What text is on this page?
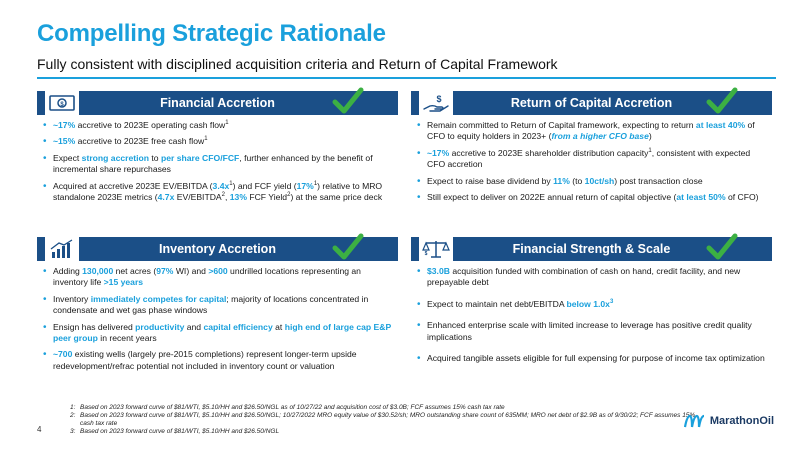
Compelling Strategic Rationale
Fully consistent with disciplined acquisition criteria and Return of Capital Framework
$	Financial Accretion
• ~17% accretive to 2023E operating cash flow$^1$
• ~15% accretive to 2023E free cash flow$^1$
• Expect strong accretion to per share CFO/FCF, further enhanced by the benefit of incremental share repurchases
• Acquired at accretive 2023E EV/EBITDA $(3.4x^1)$ and FCF yield (17%$^1$) relative to MRO standalone 2023E metrics (4.7x EV/EBITDA$^2$, 13% FCF Yield$^2$) at the same price deck
$	Return of Capital Accretion
• Remain committed to Return of Capital framework, expecting to return at least 40% of CFO to equity holders in 2023+ (from a higher CFO base)
• ~17% accretive to 2023E shareholder distribution capacity$^1$, consistent with expected CFO accretion
• Expect to raise base dividend by 11% (to 10ct/sh) post transaction close
• Still expect to deliver on 2022E annual return of capital objective (at least 50% of CFO)
Inventory Accretion
• Adding 130,000 net acres (97% WI) and >600 undrilled locations representing an inventory life >15 years
• Inventory immediately competes for capital; majority of locations concentrated in condensate and wet gas phase windows
• Ensign has delivered productivity and capital efficiency at high end of large cap E&P peer group in recent years
• ~700 existing wells (largely pre-2015 completions) represent longer-term upside redevelopment/refrac potential not included in inventory count or valuation
$	Financial Strength & Scale
• $3.0B acquisition funded with combination of cash on hand, credit facility, and new prepayable debt
• Expect to maintain net debt/EBITDA below $1.0x^3$
• Enhanced enterprise scale with limited increase to leverage has positive credit quality implications
• Acquired tangible assets eligible for full expensing for purpose of income tax optimization
1: Based on 2023 forward curve of $81/WTI, $5.10/HH and $26.50/NGL as of 10/27/22 and acquisition cost of $3.0B; FCF assumes 15% cash tax rate
2: Based on 2023 forward curve of $81/WTI, $5.10/HH and $26.50/NGL; 10/27/2022 MRO equity value of $30.52/sh; MRO outstanding share count of 635MM; MRO net debt of $2.9B as of 9/30/22; FCF assumes 15% cash tax rate
3: Based on 2023 forward curve of $81/WTI, $5.10/HH and $26.50/NGL
4
MarathonOil
